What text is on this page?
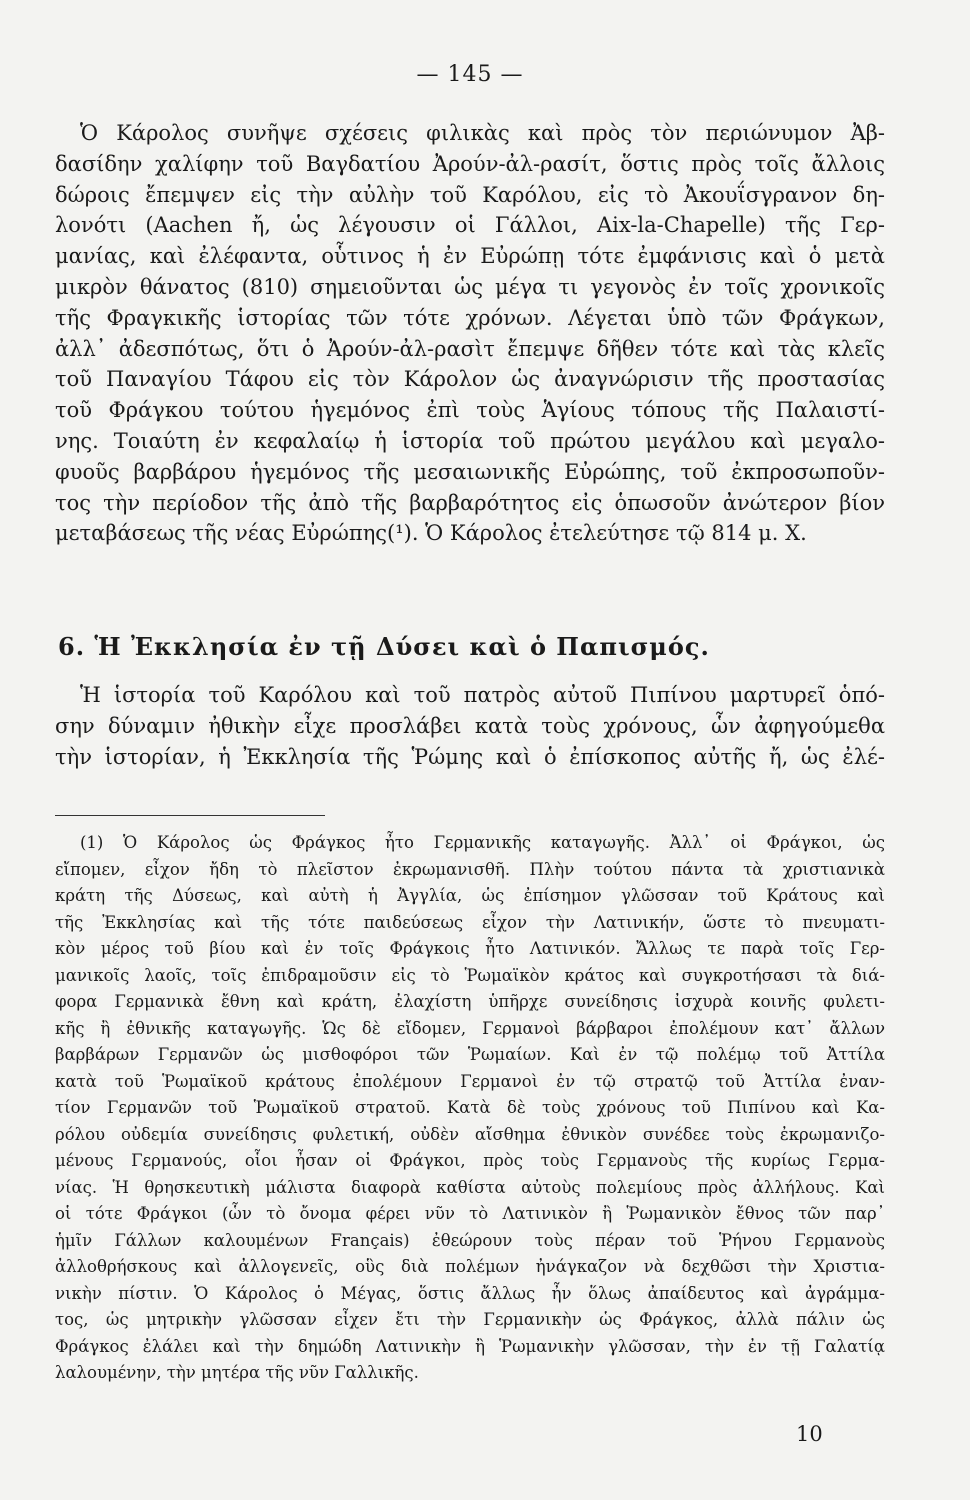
— 145 —
Ὁ Κάρολος συνῆψε σχέσεις φιλικὰς καὶ πρὸς τὸν περιώνυμον Ἀβ-
δασίδην χαλίφην τοῦ Βαγδατίου Ἀρούν-ἀλ-ρασίτ, ὅστις πρὸς τοῖς ἄλλοις
δώροις ἔπεμψεν εἰς τὴν αὐλὴν τοῦ Καρόλου, εἰς τὸ Ἀκουΐσγρανον δη-
λονότι (Aachen ἤ, ὡς λέγουσιν οἱ Γάλλοι, Aix-la-Chapelle) τῆς Γερ-
μανίας, καὶ ἐλέφαντα, οὗτινος ἡ ἐν Εὐρώπῃ τότε ἐμφάνισις καὶ ὁ μετὰ
μικρὸν θάνατος (810) σημειοῦνται ὡς μέγα τι γεγονὸς ἐν τοῖς χρονικοῖς
τῆς Φραγκικῆς ἱστορίας τῶν τότε χρόνων. Λέγεται ὑπὸ τῶν Φράγκων,
ἀλλ᾽ ἀδεσπότως, ὅτι ὁ Ἀρούν-ἀλ-ρασὶτ ἔπεμψε δῆθεν τότε καὶ τὰς κλεῖς
τοῦ Παναγίου Τάφου εἰς τὸν Κάρολον ὡς ἀναγνώρισιν τῆς προστασίας
τοῦ Φράγκου τούτου ἡγεμόνος ἐπὶ τοὺς Ἁγίους τόπους τῆς Παλαιστί-
νης. Τοιαύτη ἐν κεφαλαίῳ ἡ ἱστορία τοῦ πρώτου μεγάλου καὶ μεγαλο-
φυοῦς βαρβάρου ἡγεμόνος τῆς μεσαιωνικῆς Εὐρώπης, τοῦ ἐκπροσωποῦν-
τος τὴν περίοδον τῆς ἀπὸ τῆς βαρβαρότητος εἰς ὁπωσοῦν ἀνώτερον βίον
μεταβάσεως τῆς νέας Εὐρώπης(¹). Ὁ Κάρολος ἐτελεύτησε τῷ 814 μ. Χ.
6. Ἡ Ἐκκλησία ἐν τῇ Δύσει καὶ ὁ Παπισμός.
Ἡ ἱστορία τοῦ Καρόλου καὶ τοῦ πατρὸς αὐτοῦ Πιπίνου μαρτυρεῖ ὁπό-
σην δύναμιν ἠθικὴν εἶχε προσλάβει κατὰ τοὺς χρόνους, ὧν ἀφηγούμεθα
τὴν ἱστορίαν, ἡ Ἐκκλησία τῆς Ῥώμης καὶ ὁ ἐπίσκοπος αὐτῆς ἤ, ὡς ἐλέ-
(1) Ὁ Κάρολος ὡς Φράγκος ἦτο Γερμανικῆς καταγωγῆς. Ἀλλ᾽ οἱ Φράγκοι, ὡς
εἴπομεν, εἶχον ἤδη τὸ πλεῖστον ἐκρωμανισθῆ. Πλὴν τούτου πάντα τὰ χριστιανικὰ
κράτη τῆς Δύσεως, καὶ αὐτὴ ἡ Ἀγγλία, ὡς ἐπίσημον γλῶσσαν τοῦ Κράτους καὶ
τῆς Ἐκκλησίας καὶ τῆς τότε παιδεύσεως εἶχον τὴν Λατινικήν, ὥστε τὸ πνευματι-
κὸν μέρος τοῦ βίου καὶ ἐν τοῖς Φράγκοις ἦτο Λατινικόν. Ἄλλως τε παρὰ τοῖς Γερ-
μανικοῖς λαοῖς, τοῖς ἐπιδραμοῦσιν εἰς τὸ Ῥωμαϊκὸν κράτος καὶ συγκροτήσασι τὰ διά-
φορα Γερμανικὰ ἔθνη καὶ κράτη, ἐλαχίστη ὑπῆρχε συνείδησις ἰσχυρὰ κοινῆς φυλετι-
κῆς ἢ ἐθνικῆς καταγωγῆς. Ὡς δὲ εἴδομεν, Γερμανοὶ βάρβαροι ἐπολέμουν κατ᾽ ἄλλων
βαρβάρων Γερμανῶν ὡς μισθοφόροι τῶν Ῥωμαίων. Καὶ ἐν τῷ πολέμῳ τοῦ Ἀττίλα
κατὰ τοῦ Ῥωμαϊκοῦ κράτους ἐπολέμουν Γερμανοὶ ἐν τῷ στρατῷ τοῦ Ἀττίλα ἐναν-
τίον Γερμανῶν τοῦ Ῥωμαϊκοῦ στρατοῦ. Κατὰ δὲ τοὺς χρόνους τοῦ Πιπίνου καὶ Κα-
ρόλου οὐδεμία συνείδησις φυλετική, οὐδὲν αἴσθημα ἐθνικὸν συνέδεε τοὺς ἐκρωμανιζο-
μένους Γερμανούς, οἷοι ἦσαν οἱ Φράγκοι, πρὸς τοὺς Γερμανοὺς τῆς κυρίως Γερμα-
νίας. Ἡ θρησκευτικὴ μάλιστα διαφορὰ καθίστα αὐτοὺς πολεμίους πρὸς ἀλλήλους. Καὶ
οἱ τότε Φράγκοι (ὧν τὸ ὄνομα φέρει νῦν τὸ Λατινικὸν ἢ Ῥωμανικὸν ἔθνος τῶν παρ᾽
ἡμῖν Γάλλων καλουμένων Français) ἐθεώρουν τοὺς πέραν τοῦ Ῥήνου Γερμανοὺς
ἀλλοθρήσκους καὶ ἀλλογενεῖς, οὓς διὰ πολέμων ἠνάγκαζον νὰ δεχθῶσι τὴν Χριστια-
νικὴν πίστιν. Ὁ Κάρολος ὁ Μέγας, ὅστις ἄλλως ἦν ὅλως ἀπαίδευτος καὶ ἀγράμμα-
τος, ὡς μητρικὴν γλῶσσαν εἶχεν ἔτι τὴν Γερμανικὴν ὡς Φράγκος, ἀλλὰ πάλιν ὡς
Φράγκος ἐλάλει καὶ τὴν δημώδη Λατινικὴν ἢ Ῥωμανικὴν γλῶσσαν, τὴν ἐν τῇ Γαλατίᾳ
λαλουμένην, τὴν μητέρα τῆς νῦν Γαλλικῆς.
10
